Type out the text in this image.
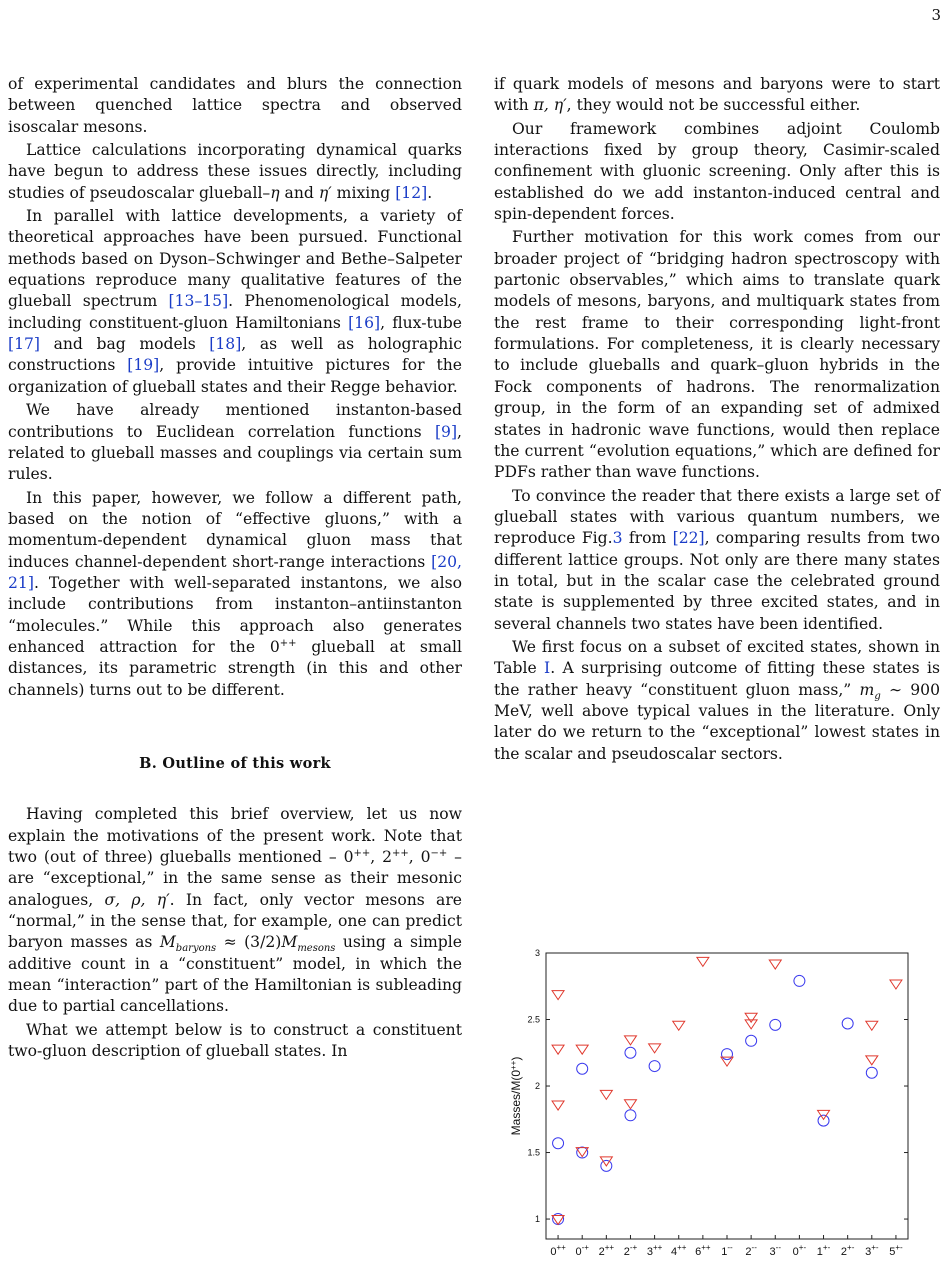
3

of experimental candidates and blurs the connection between quenched lattice spectra and observed isoscalar mesons.

Lattice calculations incorporating dynamical quarks have begun to address these issues directly, including studies of pseudoscalar glueball–η and η′ mixing [12].

In parallel with lattice developments, a variety of theoretical approaches have been pursued. Functional methods based on Dyson–Schwinger and Bethe–Salpeter equations reproduce many qualitative features of the glueball spectrum [13–15]. Phenomenological models, including constituent-gluon Hamiltonians [16], flux-tube [17] and bag models [18], as well as holographic constructions [19], provide intuitive pictures for the organization of glueball states and their Regge behavior.

We have already mentioned instanton-based contributions to Euclidean correlation functions [9], related to glueball masses and couplings via certain sum rules.

In this paper, however, we follow a different path, based on the notion of “effective gluons,” with a momentum-dependent dynamical gluon mass that induces channel-dependent short-range interactions [20, 21]. Together with well-separated instantons, we also include contributions from instanton–antiinstanton “molecules.” While this approach also generates enhanced attraction for the 0++ glueball at small distances, its parametric strength (in this and other channels) turns out to be different.

B. Outline of this work

Having completed this brief overview, let us now explain the motivations of the present work. Note that two (out of three) glueballs mentioned – 0++, 2++, 0−+ – are “exceptional,” in the same sense as their mesonic analogues, σ, ρ, η′. In fact, only vector mesons are “normal,” in the sense that, for example, one can predict baryon masses as $M_{baryons} \approx (3/2)M_{mesons}$ using a simple additive count in a “constituent” model, in which the mean “interaction” part of the Hamiltonian is subleading due to partial cancellations.

What we attempt below is to construct a constituent two-gluon description of glueball states. In

if quark models of mesons and baryons were to start with π, η′, they would not be successful either.

Our framework combines adjoint Coulomb interactions fixed by group theory, Casimir-scaled confinement with gluonic screening. Only after this is established do we add instanton-induced central and spin-dependent forces.

Further motivation for this work comes from our broader project of “bridging hadron spectroscopy with partonic observables,” which aims to translate quark models of mesons, baryons, and multiquark states from the rest frame to their corresponding light-front formulations. For completeness, it is clearly necessary to include glueballs and quark–gluon hybrids in the Fock components of hadrons. The renormalization group, in the form of an expanding set of admixed states in hadronic wave functions, would then replace the current “evolution equations,” which are defined for PDFs rather than wave functions.

To convince the reader that there exists a large set of glueball states with various quantum numbers, we reproduce Fig.3 from [22], comparing results from two different lattice groups. Not only are there many states in total, but in the scalar case the celebrated ground state is supplemented by three excited states, and in several channels two states have been identified.

We first focus on a subset of excited states, shown in Table I. A surprising outcome of fitting these states is the rather heavy “constituent gluon mass,” $m_g$ ∼ 900 MeV, well above typical values in the literature. Only later do we return to the “exceptional” lowest states in the scalar and pseudoscalar sectors.

1
1.5
2
2.5
3
0++ 0-+ 2++ 2-+ 3++ 4++ 6++ 1-- 2-- 3-- 0+- 1+- 2+- 3+- 5+-
Masses/M(0++)
